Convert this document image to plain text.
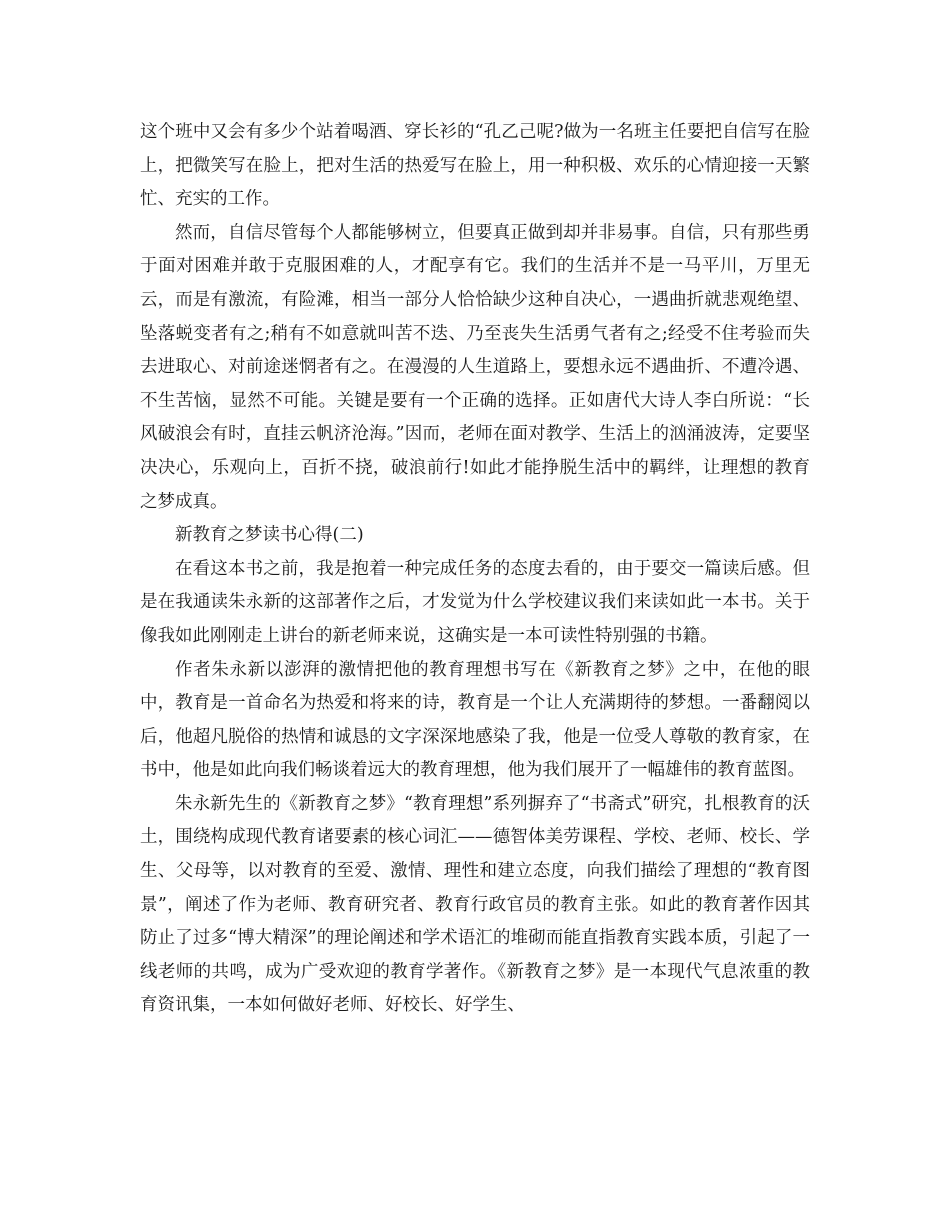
这个班中又会有多少个站着喝酒、穿长衫的“孔乙己呢?做为一名班主任要把自信写在脸上，把微笑写在脸上，把对生活的热爱写在脸上，用一种积极、欢乐的心情迎接一天繁忙、充实的工作。

然而，自信尽管每个人都能够树立，但要真正做到却并非易事。自信，只有那些勇于面对困难并敢于克服困难的人，才配享有它。我们的生活并不是一马平川，万里无云，而是有激流，有险滩，相当一部分人恰恰缺少这种自决心，一遇曲折就悲观绝望、坠落蜕变者有之;稍有不如意就叫苦不迭、乃至丧失生活勇气者有之;经受不住考验而失去进取心、对前途迷惘者有之。在漫漫的人生道路上，要想永远不遇曲折、不遭冷遇、不生苦恼，显然不可能。关键是要有一个正确的选择。正如唐代大诗人李白所说：“长风破浪会有时，直挂云帆济沧海。”因而，老师在面对教学、生活上的汹涌波涛，定要坚决决心，乐观向上，百折不挠，破浪前行!如此才能挣脱生活中的羁绊，让理想的教育之梦成真。

新教育之梦读书心得(二)

在看这本书之前，我是抱着一种完成任务的态度去看的，由于要交一篇读后感。但是在我通读朱永新的这部著作之后，才发觉为什么学校建议我们来读如此一本书。关于像我如此刚刚走上讲台的新老师来说，这确实是一本可读性特别强的书籍。

作者朱永新以澎湃的激情把他的教育理想书写在《新教育之梦》之中，在他的眼中，教育是一首命名为热爱和将来的诗，教育是一个让人充满期待的梦想。一番翻阅以后，他超凡脱俗的热情和诚恳的文字深深地感染了我，他是一位受人尊敬的教育家，在书中，他是如此向我们畅谈着远大的教育理想，他为我们展开了一幅雄伟的教育蓝图。

朱永新先生的《新教育之梦》“教育理想”系列摒弃了“书斋式”研究，扎根教育的沃土，围绕构成现代教育诸要素的核心词汇——德智体美劳课程、学校、老师、校长、学生、父母等，以对教育的至爱、激情、理性和建立态度，向我们描绘了理想的“教育图景”，阐述了作为老师、教育研究者、教育行政官员的教育主张。如此的教育著作因其防止了过多“博大精深”的理论阐述和学术语汇的堆砌而能直指教育实践本质，引起了一线老师的共鸣，成为广受欢迎的教育学著作。《新教育之梦》是一本现代气息浓重的教育资讯集，一本如何做好老师、好校长、好学生、
